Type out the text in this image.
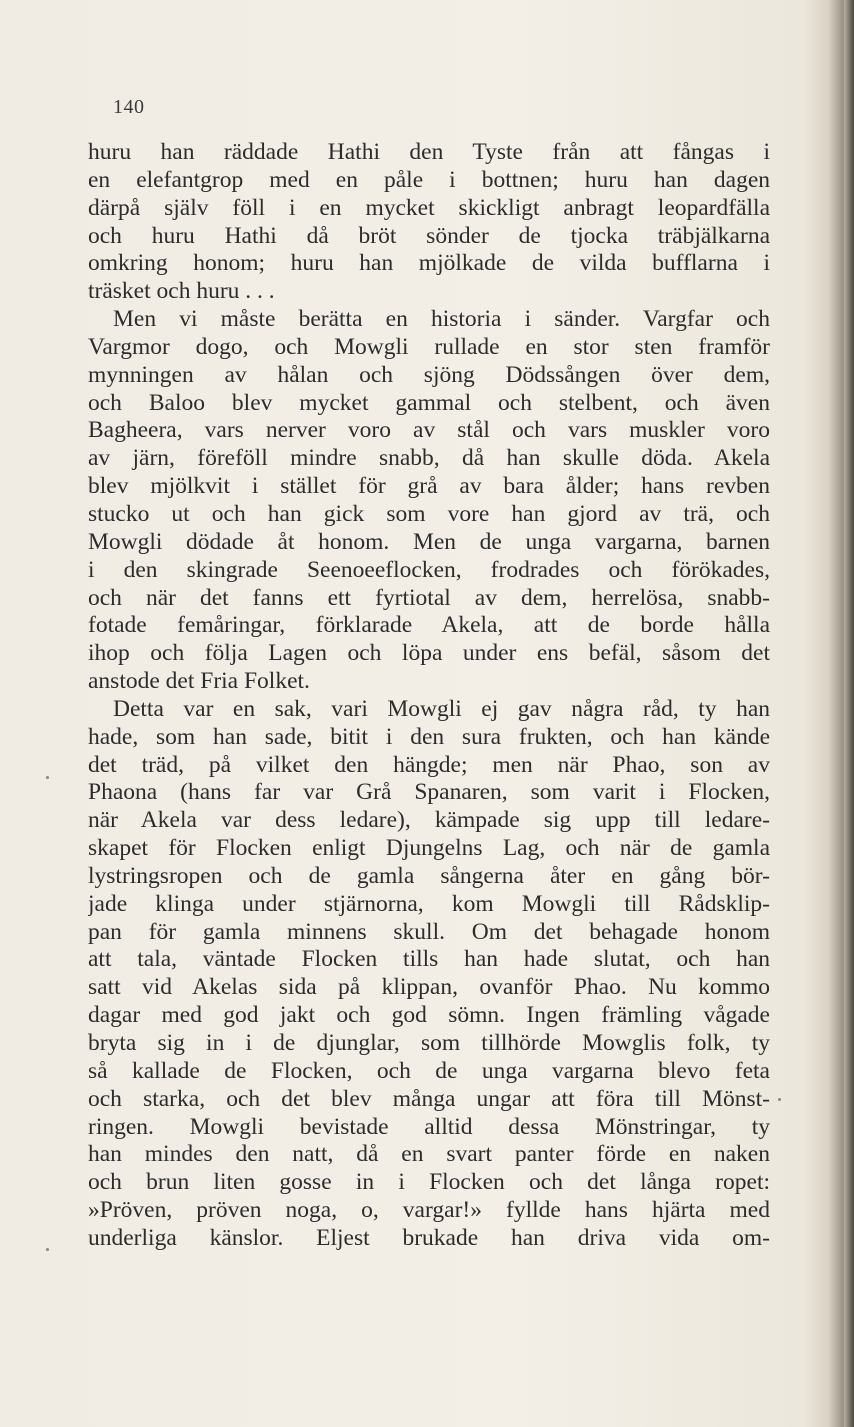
140
huru han räddade Hathi den Tyste från att fångas i
en elefantgrop med en påle i bottnen; huru han dagen
därpå själv föll i en mycket skickligt anbragt leopardfälla
och huru Hathi då bröt sönder de tjocka träbjälkarna
omkring honom; huru han mjölkade de vilda bufflarna i
träsket och huru . . .
Men vi måste berätta en historia i sänder. Vargfar och
Vargmor dogo, och Mowgli rullade en stor sten framför
mynningen av hålan och sjöng Dödssången över dem,
och Baloo blev mycket gammal och stelbent, och även
Bagheera, vars nerver voro av stål och vars muskler voro
av järn, föreföll mindre snabb, då han skulle döda. Akela
blev mjölkvit i stället för grå av bara ålder; hans revben
stucko ut och han gick som vore han gjord av trä, och
Mowgli dödade åt honom. Men de unga vargarna, barnen
i den skingrade Seenoeeflocken, frodrades och förökades,
och när det fanns ett fyrtiotal av dem, herrelösa, snabb-
fotade femåringar, förklarade Akela, att de borde hålla
ihop och följa Lagen och löpa under ens befäl, såsom det
anstode det Fria Folket.
Detta var en sak, vari Mowgli ej gav några råd, ty han
hade, som han sade, bitit i den sura frukten, och han kände
det träd, på vilket den hängde; men när Phao, son av
Phaona (hans far var Grå Spanaren, som varit i Flocken,
när Akela var dess ledare), kämpade sig upp till ledare-
skapet för Flocken enligt Djungelns Lag, och när de gamla
lystringsropen och de gamla sångerna åter en gång bör-
jade klinga under stjärnorna, kom Mowgli till Rådsklip-
pan för gamla minnens skull. Om det behagade honom
att tala, väntade Flocken tills han hade slutat, och han
satt vid Akelas sida på klippan, ovanför Phao. Nu kommo
dagar med god jakt och god sömn. Ingen främling vågade
bryta sig in i de djunglar, som tillhörde Mowglis folk, ty
så kallade de Flocken, och de unga vargarna blevo feta
och starka, och det blev många ungar att föra till Mönst-
ringen. Mowgli bevistade alltid dessa Mönstringar, ty
han mindes den natt, då en svart panter förde en naken
och brun liten gosse in i Flocken och det långa ropet:
»Pröven, pröven noga, o, vargar!» fyllde hans hjärta med
underliga känslor. Eljest brukade han driva vida om-
